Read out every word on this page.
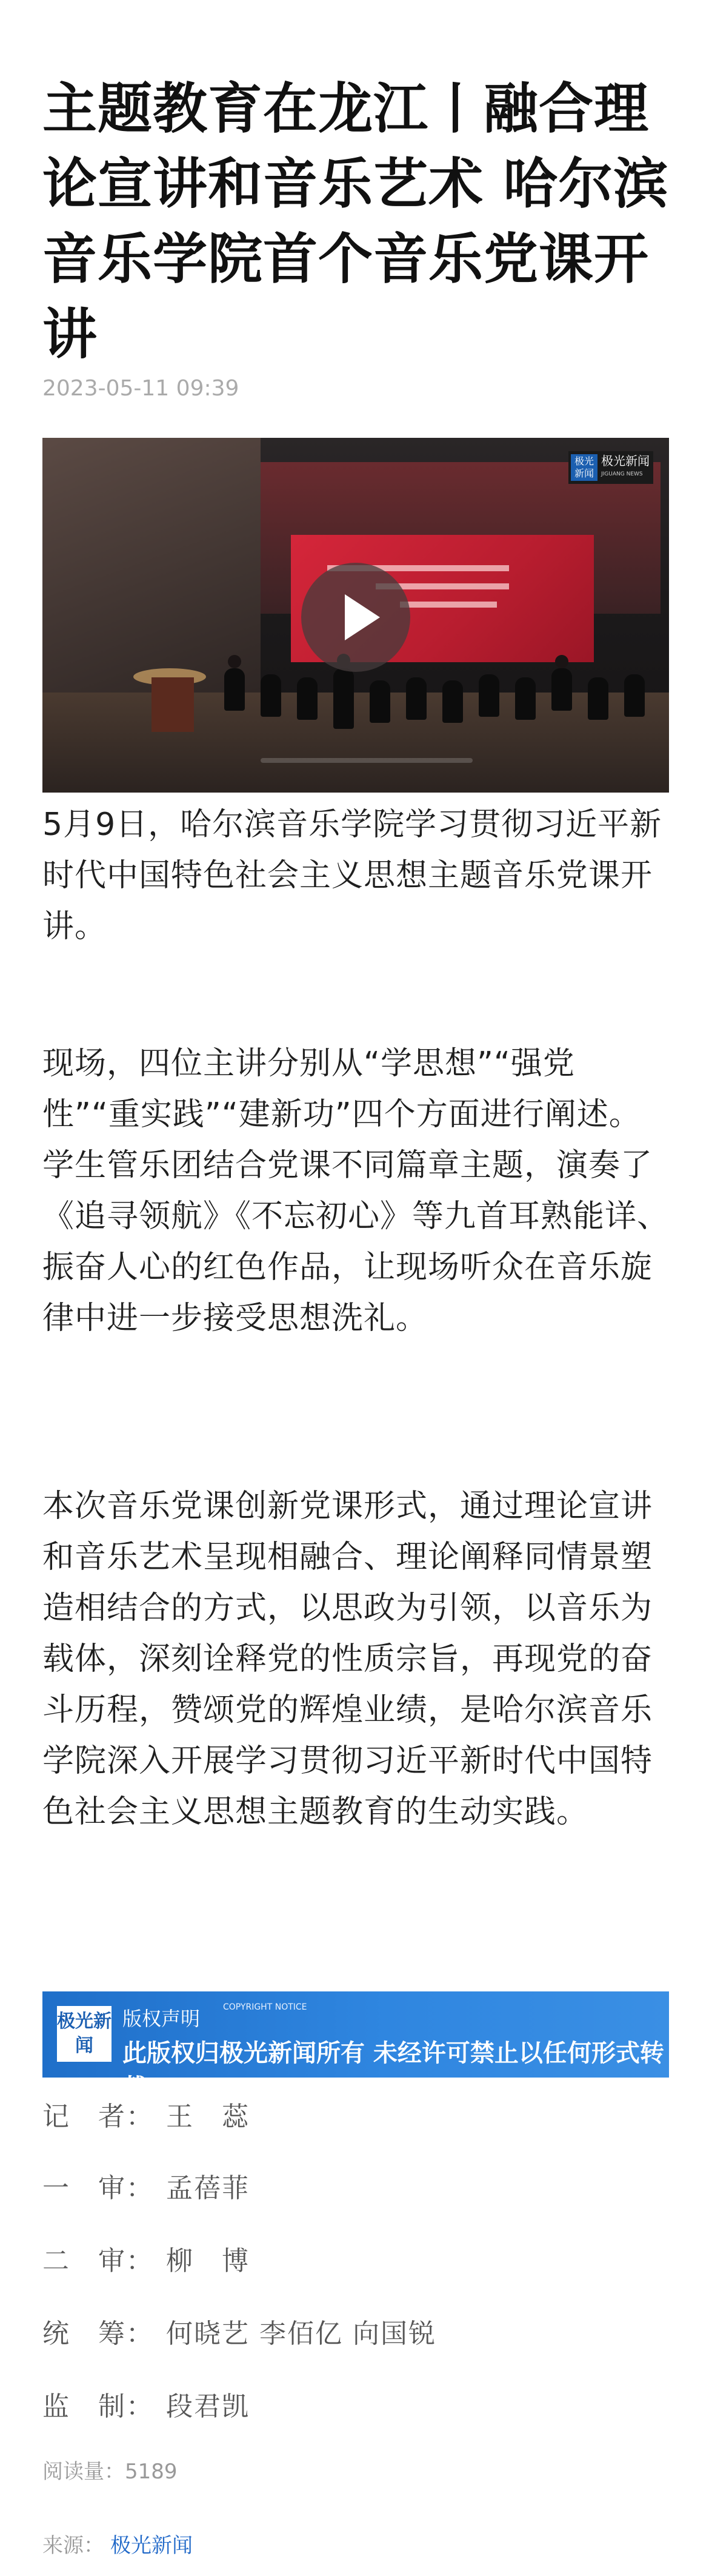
主题教育在龙江丨融合理论宣讲和音乐艺术 哈尔滨音乐学院首个音乐党课开讲
2023-05-11 09:39
极光新闻
极光新闻
JIGUANG NEWS

5月9日，哈尔滨音乐学院学习贯彻习近平新时代中国特色社会主义思想主题音乐党课开讲。

现场，四位主讲分别从“学思想”“强党性”“重实践”“建新功”四个方面进行阐述。学生管乐团结合党课不同篇章主题，演奏了《追寻领航》《不忘初心》等九首耳熟能详、振奋人心的红色作品，让现场听众在音乐旋律中进一步接受思想洗礼。

本次音乐党课创新党课形式，通过理论宣讲和音乐艺术呈现相融合、理论阐释同情景塑造相结合的方式，以思政为引领，以音乐为载体，深刻诠释党的性质宗旨，再现党的奋斗历程，赞颂党的辉煌业绩，是哈尔滨音乐学院深入开展学习贯彻习近平新时代中国特色社会主义思想主题教育的生动实践。

极光新闻
版权声明	COPYRIGHT NOTICE
此版权归极光新闻所有 未经许可禁止以任何形式转载
记　者： 王　蕊
一　审： 孟蓓菲
二　审： 柳　博
统　筹： 何晓艺 李佰亿 向国锐
监　制： 段君凯
阅读量：5189
来源： 极光新闻
